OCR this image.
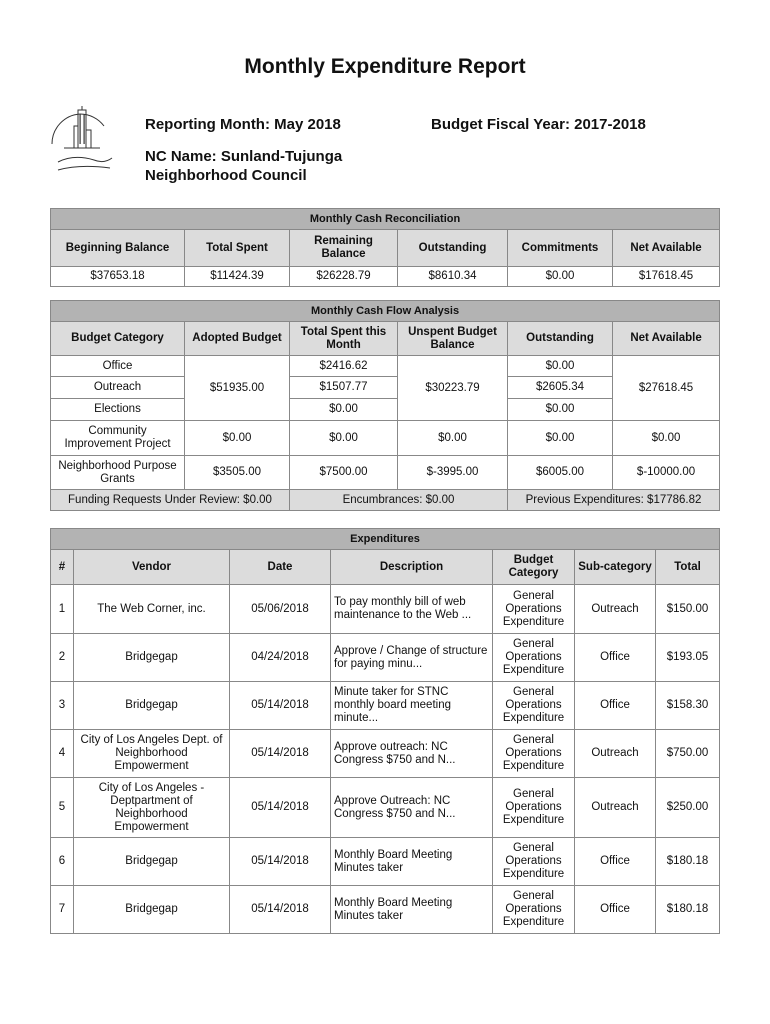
Monthly Expenditure Report
Reporting Month: May 2018	Budget Fiscal Year: 2017-2018
NC Name: Sunland-Tujunga
Neighborhood Council
Monthly Cash Reconciliation					
Beginning Balance	Total Spent	Remaining Balance	Outstanding	Commitments	Net Available
$37653.18	$11424.39	$26228.79	$8610.34	$0.00	$17618.45
Monthly Cash Flow Analysis					
Budget Category	Adopted Budget	Total Spent this Month	Unspent Budget Balance	Outstanding	Net Available
Office	$51935.00	$2416.62	$30223.79	$0.00	$27618.45
Outreach		$1507.77		$2605.34	
Elections		$0.00		$0.00	
Community Improvement Project	$0.00	$0.00	$0.00	$0.00	$0.00
Neighborhood Purpose Grants	$3505.00	$7500.00	$-3995.00	$6005.00	$-10000.00
Funding Requests Under Review: $0.00		Encumbrances: $0.00		Previous Expenditures: $17786.82	
Expenditures						
#	Vendor	Date	Description	Budget Category	Sub-category	Total
1	The Web Corner, inc.	05/06/2018	To pay monthly bill of web maintenance to the Web ...	General Operations Expenditure	Outreach	$150.00
2	Bridgegap	04/24/2018	Approve / Change of structure for paying minu...	General Operations Expenditure	Office	$193.05
3	Bridgegap	05/14/2018	Minute taker for STNC monthly board meeting minute...	General Operations Expenditure	Office	$158.30
4	City of Los Angeles Dept. of Neighborhood Empowerment	05/14/2018	Approve outreach: NC Congress $750 and N...	General Operations Expenditure	Outreach	$750.00
5	City of Los Angeles - Deptpartment of Neighborhood Empowerment	05/14/2018	Approve Outreach: NC Congress $750 and N...	General Operations Expenditure	Outreach	$250.00
6	Bridgegap	05/14/2018	Monthly Board Meeting Minutes taker	General Operations Expenditure	Office	$180.18
7	Bridgegap	05/14/2018	Monthly Board Meeting Minutes taker	General Operations Expenditure	Office	$180.18
